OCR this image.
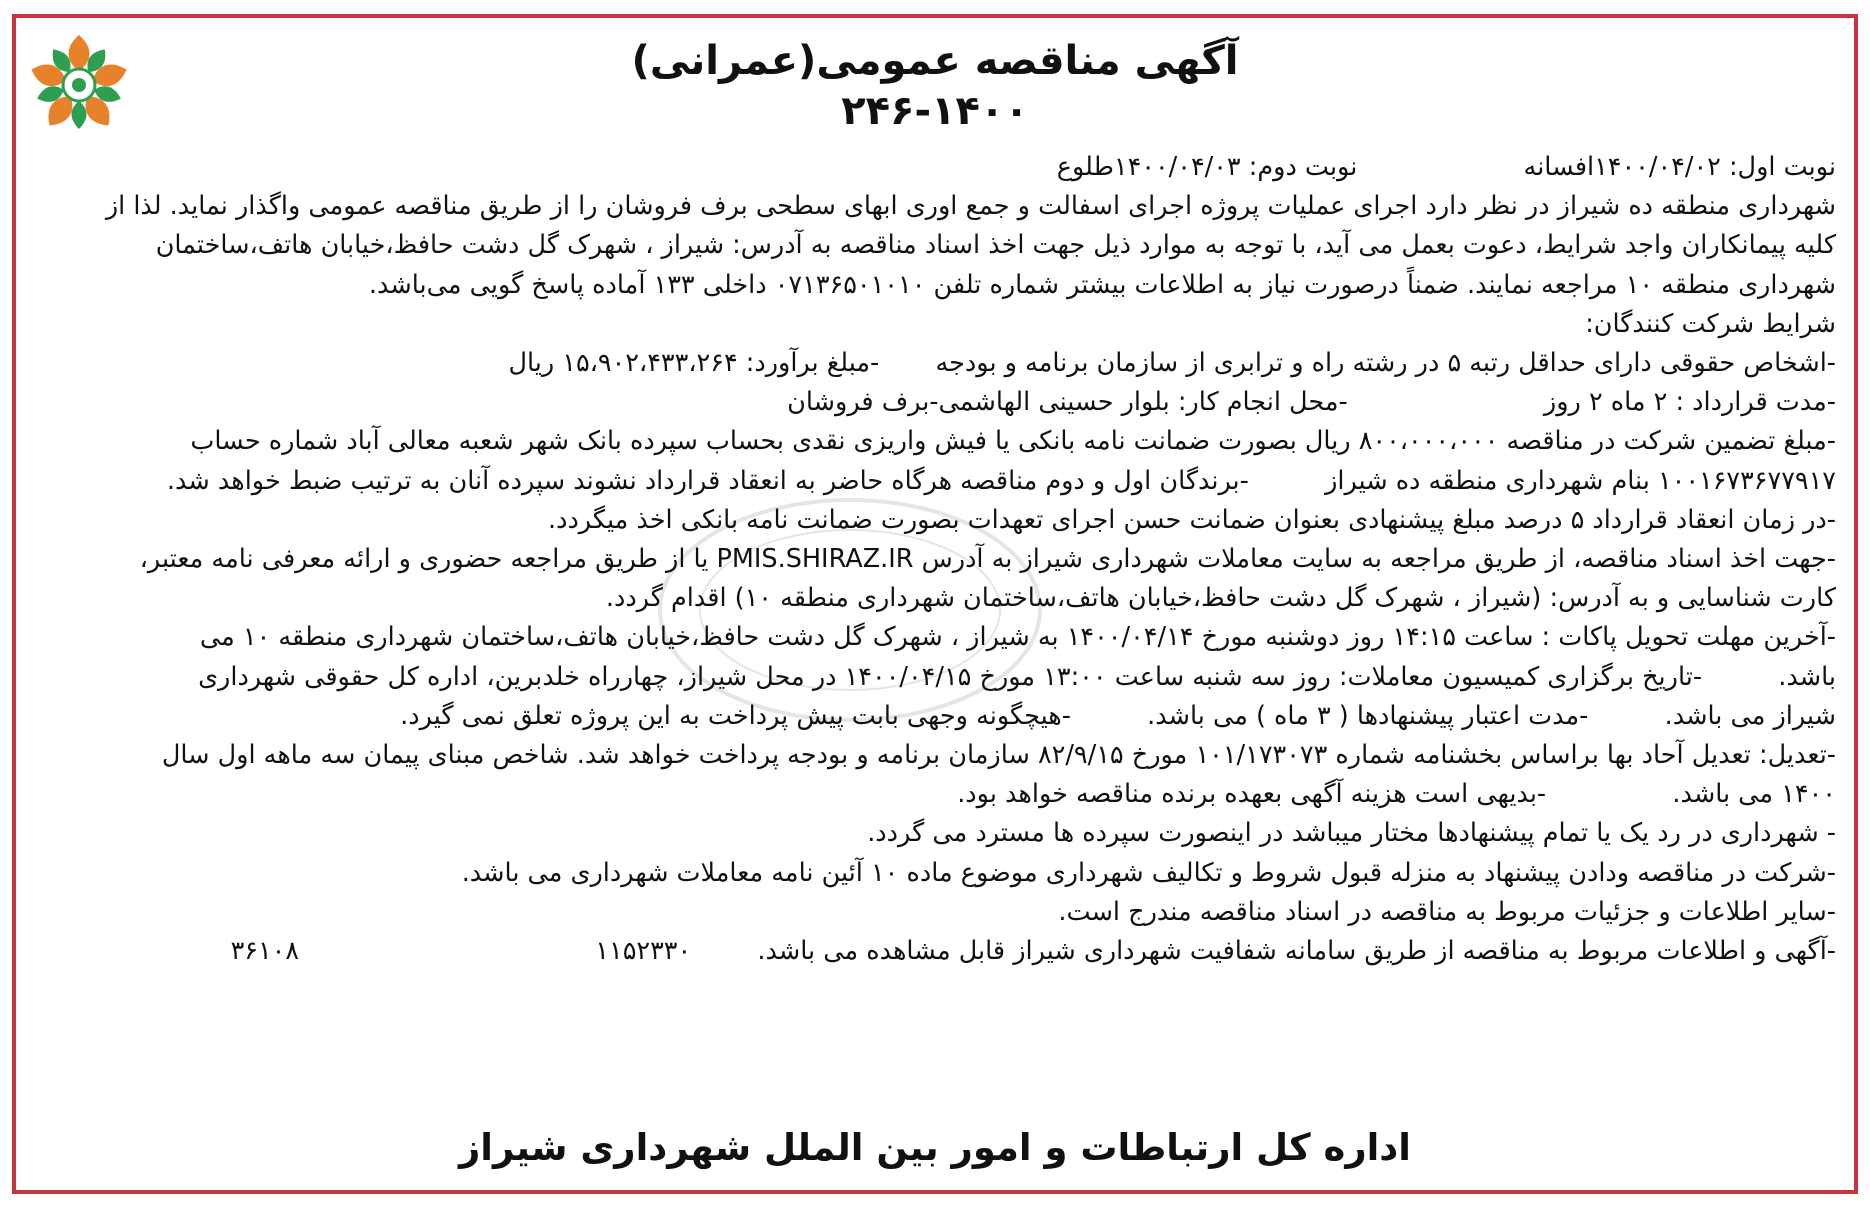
آگهی مناقصه عمومی(عمرانی)
۲۴۶-۱۴۰۰
نوبت اول: ۱۴۰۰/۰۴/۰۲افسانه  نوبت دوم: ۱۴۰۰/۰۴/۰۳طلوع
شهرداری منطقه ده شیراز در نظر دارد اجرای عملیات پروژه اجرای اسفالت و جمع اوری ابهای سطحی برف فروشان را از طریق مناقصه عمومی واگذار نماید. لذا از
کلیه پیمانکاران واجد شرایط، دعوت بعمل می آید، با توجه به موارد ذیل جهت اخذ اسناد مناقصه به آدرس: شیراز ، شهرک گل دشت حافظ،خیابان هاتف،ساختمان
شهرداری منطقه ۱۰ مراجعه نمایند. ضمناً درصورت نیاز به اطلاعات بیشتر شماره تلفن ۰۷۱۳۶۵۰۱۰۱۰ داخلی ۱۳۳ آماده پاسخ گویی می‌باشد.
شرایط شرکت کنندگان:
-اشخاص حقوقی دارای حداقل رتبه ۵ در رشته راه و ترابری از سازمان برنامه و بودجه  -مبلغ برآورد: ۱۵،۹۰۲،۴۳۳،۲۶۴ ریال
-مدت قرارداد : ۲ ماه ۲ روز  -محل انجام کار: بلوار حسینی الهاشمی-برف فروشان
-مبلغ تضمین شرکت در مناقصه ۸۰۰،۰۰۰،۰۰۰ ریال بصورت ضمانت نامه بانکی یا فیش واریزی نقدی بحساب سپرده بانک شهر شعبه معالی آباد شماره حساب
۱۰۰۱۶۷۳۶۷۷۹۱۷ بنام شهرداری منطقه ده شیراز  -برندگان اول و دوم مناقصه هرگاه حاضر به انعقاد قرارداد نشوند سپرده آنان به ترتیب ضبط خواهد شد.
-در زمان انعقاد قرارداد ۵ درصد مبلغ پیشنهادی بعنوان ضمانت حسن اجرای تعهدات بصورت ضمانت نامه بانکی اخذ میگردد.
-جهت اخذ اسناد مناقصه، از طریق مراجعه به سایت معاملات شهرداری شیراز به آدرس PMIS.SHIRAZ.IR یا از طریق مراجعه حضوری و ارائه معرفی نامه معتبر،
کارت شناسایی و به آدرس: (شیراز ، شهرک گل دشت حافظ،خیابان هاتف،ساختمان شهرداری منطقه ۱۰) اقدام گردد.
-آخرین مهلت تحویل پاکات : ساعت ۱۴:۱۵ روز دوشنبه مورخ ۱۴۰۰/۰۴/۱۴ به شیراز ، شهرک گل دشت حافظ،خیابان هاتف،ساختمان شهرداری منطقه ۱۰ می
باشد.  -تاریخ برگزاری کمیسیون معاملات: روز سه شنبه ساعت ۱۳:۰۰ مورخ ۱۴۰۰/۰۴/۱۵ در محل شیراز، چهارراه خلدبرین، اداره کل حقوقی شهرداری
شیراز می باشد.  -مدت اعتبار پیشنهادها ( ۳ ماه ) می باشد.  -هیچگونه وجهی بابت پیش پرداخت به این پروژه تعلق نمی گیرد.
-تعدیل: تعدیل آحاد بها براساس بخشنامه شماره ۱۰۱/۱۷۳۰۷۳ مورخ ۸۲/۹/۱۵ سازمان برنامه و بودجه پرداخت خواهد شد. شاخص مبنای پیمان سه ماهه اول سال
۱۴۰۰ می باشد.  -بدیهی است هزینه آگهی بعهده برنده مناقصه خواهد بود.
- شهرداری در رد یک یا تمام پیشنهادها مختار میباشد در اینصورت سپرده ها مسترد می گردد.
-شرکت در مناقصه ودادن پیشنهاد به منزله قبول شروط و تکالیف شهرداری موضوع ماده ۱۰ آئین نامه معاملات شهرداری می باشد.
-سایر اطلاعات و جزئیات مربوط به مناقصه در اسناد مناقصه مندرج است.
-آگهی و اطلاعات مربوط به مناقصه از طریق سامانه شفافیت شهرداری شیراز قابل مشاهده می باشد.  ۱۱۵۲۳۳۰  ۳۶۱۰۸
اداره کل ارتباطات و امور بین الملل شهرداری شیراز
